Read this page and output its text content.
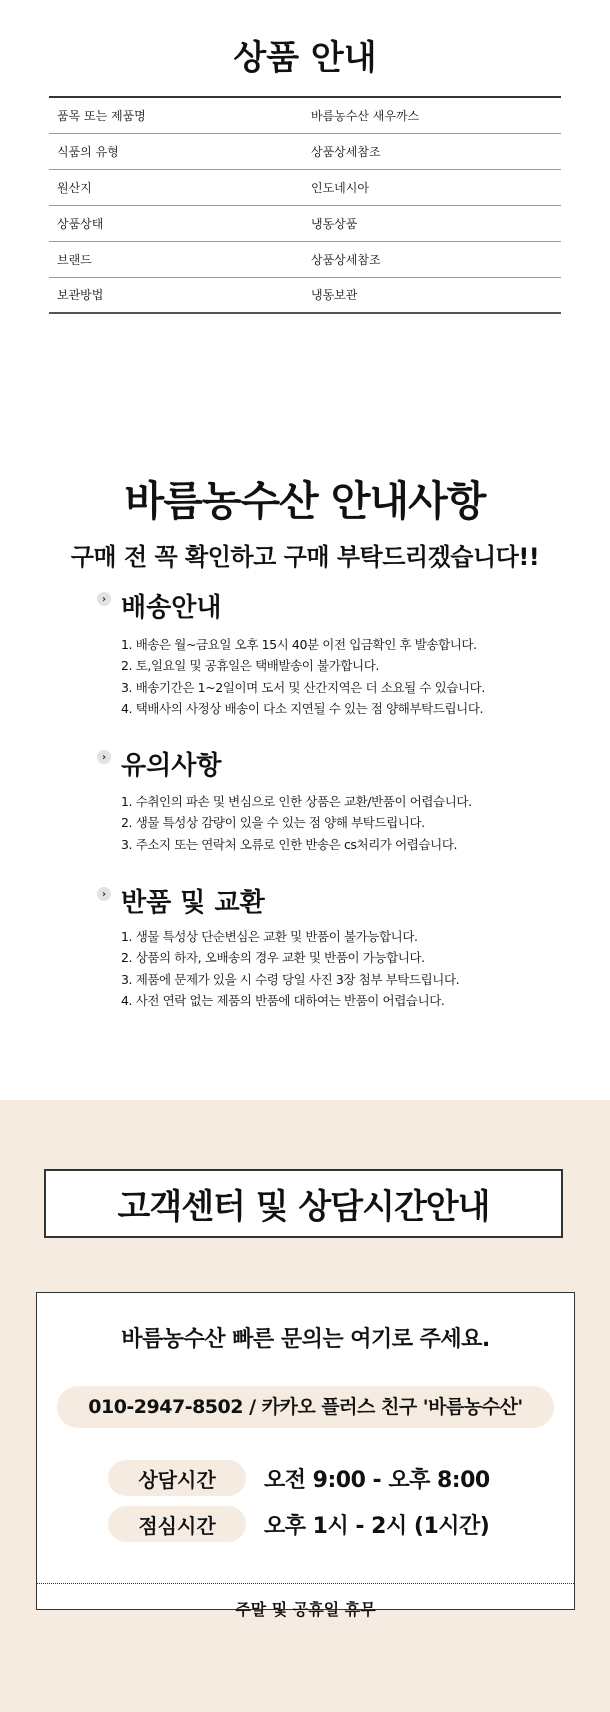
상품 안내
품목 또는 제품명	바름농수산 새우까스
식품의 유형	상품상세참조
원산지	인도네시아
상품상태	냉동상품
브랜드	상품상세참조
보관방법	냉동보관
바름농수산 안내사항

구매 전 꼭 확인하고 구매 부탁드리겠습니다!!

› 배송안내
1. 배송은 월~금요일 오후 15시 40분 이전 입금확인 후 발송합니다.
2. 토,일요일 및 공휴일은 택배발송이 불가합니다.
3. 배송기간은 1~2일이며 도서 및 산간지역은 더 소요될 수 있습니다.
4. 택배사의 사정상 배송이 다소 지연될 수 있는 점 양해부탁드립니다.
› 유의사항
1. 수취인의 파손 및 변심으로 인한 상품은 교환/반품이 어렵습니다.
2. 생물 특성상 감량이 있을 수 있는 점 양해 부탁드립니다.
3. 주소지 또는 연락처 오류로 인한 반송은 cs처리가 어렵습니다.
› 반품 및 교환
1. 생물 특성상 단순변심은 교환 및 반품이 불가능합니다.
2. 상품의 하자, 오배송의 경우 교환 및 반품이 가능합니다.
3. 제품에 문제가 있을 시 수령 당일 사진 3장 첨부 부탁드립니다.
4. 사전 연락 없는 제품의 반품에 대하여는 반품이 어렵습니다.
고객센터 및 상담시간안내
바름농수산 빠른 문의는 여기로 주세요.
010-2947-8502 / 카카오 플러스 친구 '바름농수산'
상담시간	오전 9:00 - 오후 8:00
점심시간	오후 1시 - 2시 (1시간)
주말 및 공휴일 휴무
